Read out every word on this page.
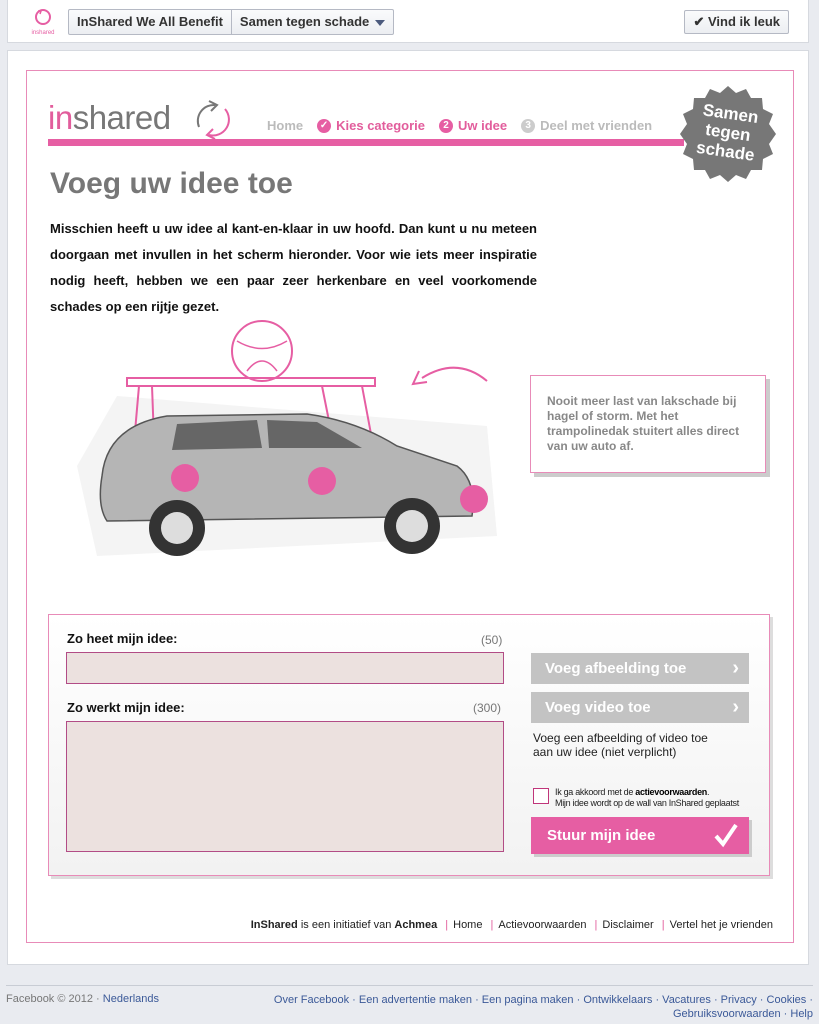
inshared
InShared We All Benefit	Samen tegen schade	✔ Vind ik leuk
inshared	Home ✓ Kies categorie	2 Uw idee	3 Deel met vrienden	Samen
tegen
schade
Voeg uw idee toe
Misschien heeft u uw idee al kant-en-klaar in uw hoofd. Dan kunt u nu meteen doorgaan met invullen in het scherm hieronder. Voor wie iets meer inspiratie nodig heeft, hebben we een paar zeer herkenbare en veel voorkomende schades op een rijtje gezet.
Nooit meer last van lakschade bij hagel of storm. Met het trampolinedak stuitert alles direct van uw auto af.
Zo heet mijn idee:	(50)
Zo werkt mijn idee:	(300)
Voeg afbeelding toe ›
Voeg video toe	›
Voeg een afbeelding of video toe aan uw idee (niet verplicht)
Ik ga akkoord met de actievoorwaarden.
Mijn idee wordt op de wall van InShared geplaatst
Stuur mijn idee
InShared is een initiatief van Achmea | Home | Actievoorwaarden | Disclaimer | Vertel het je vrienden
Facebook © 2012 · Nederlands	Over Facebook · Een advertentie maken · Een pagina maken · Ontwikkelaars · Vacatures · Privacy · Cookies ·
Gebruiksvoorwaarden · Help
